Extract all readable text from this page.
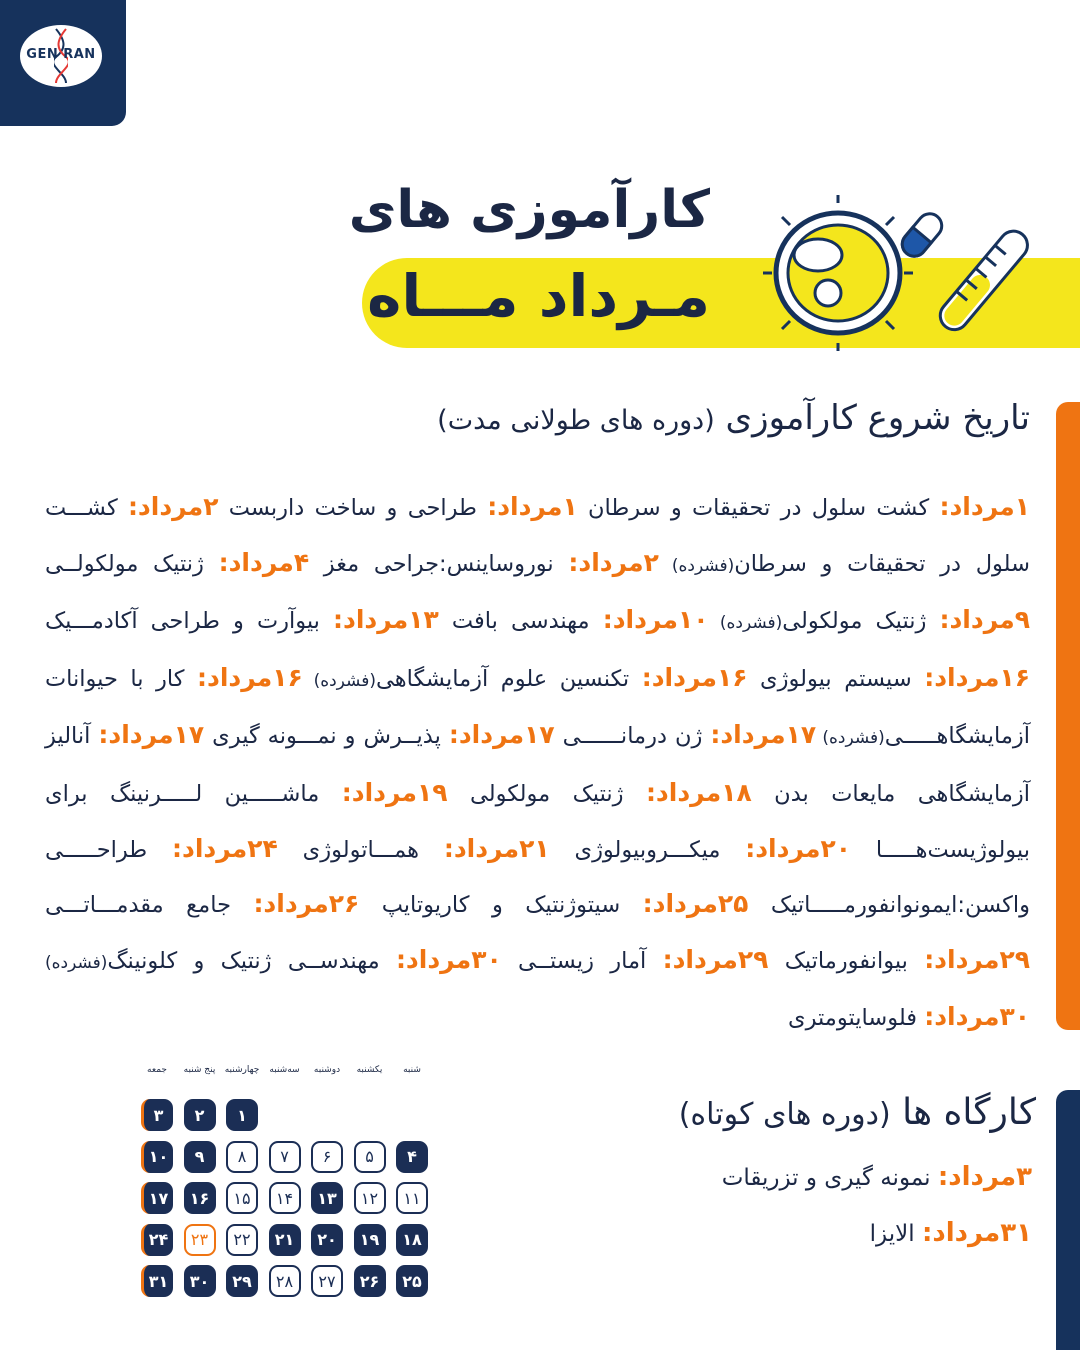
GEN RAN
کارآموزی های
مـرداد مـــاه
تاریخ شروع کارآموزی (دوره های طولانی مدت)
۱مرداد: کشت سلول در تحقیقات و سرطان ۱مرداد: طراحی و ساخت داربست ۲مرداد: کشـــت سلول در تحقیقات و سرطان(فشرده) ۲مرداد: نوروساینس:جراحی مغز ۴مرداد: ژنتیک مولکولــی ۹مرداد: ژنتیک مولکولی(فشرده) ۱۰مرداد: مهندسی بافت ۱۳مرداد: بیوآرت و طراحی آکادمـــیک ۱۶مرداد: سیستم بیولوژی ۱۶مرداد: تکنسین علوم آزمایشگاهی(فشرده) ۱۶مرداد: کار با حیوانات آزمایشگاهـــــی(فشرده) ۱۷مرداد: ژن درمانــــــی ۱۷مرداد: پذیــرش و نمـــونه گیری ۱۷مرداد: آنالیز آزمایشگاهی مایعات بدن ۱۸مرداد: ژنتیک مولکولی ۱۹مرداد: ماشـــــین لـــــرنینگ برای بیولوژیست‌هـــــا ۲۰مرداد: میکـــروبیولوژی ۲۱مرداد: همـــاتولوژی ۲۴مرداد: طراحـــــی واکسن:ایمونوانفورمـــــاتیک ۲۵مرداد: سیتوژنتیک و کاریوتایپ ۲۶مرداد: جامع مقدمـــاتـــی ۲۹مرداد: بیوانفورماتیک ۲۹مرداد: آمار زیستــی ۳۰مرداد: مهندســی ژنتیک و کلونینگ(فشرده) ۳۰مرداد: فلوسایتومتری
کارگاه ها (دوره های کوتاه)
۳مرداد: نمونه گیری و تزریقات
۳۱مرداد: الایزا
شنبه
یکشنبه
دوشنبه
سه‌شنبه
چهارشنبه
پنج شنبه
جمعه
۱
۲
۳
۴
۵
۶
۷
۸
۹
۱۰
۱۱
۱۲
۱۳
۱۴
۱۵
۱۶
۱۷
۱۸
۱۹
۲۰
۲۱
۲۲
۲۳
۲۴
۲۵
۲۶
۲۷
۲۸
۲۹
۳۰
۳۱
